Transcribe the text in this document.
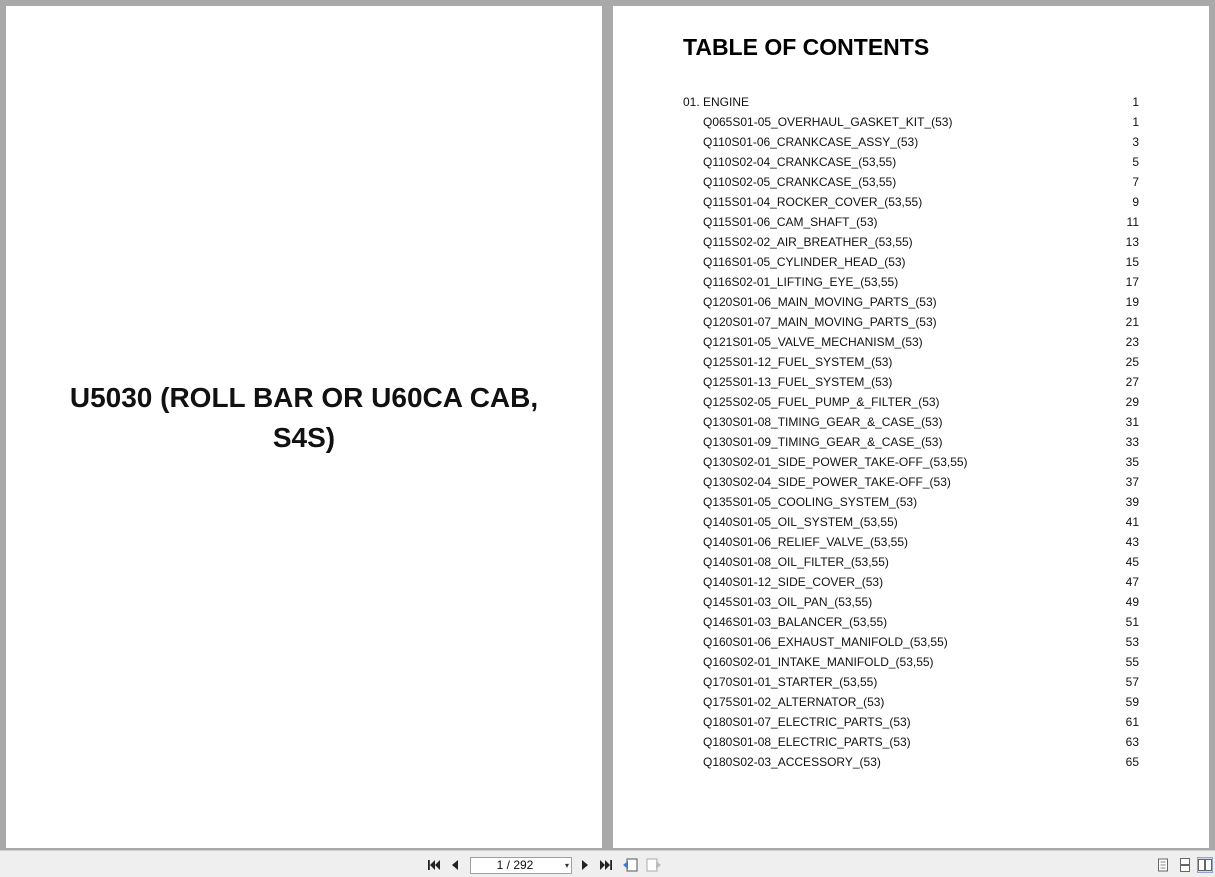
U5030 (ROLL BAR OR U60CA CAB,
S4S)
TABLE OF CONTENTS
01. ENGINE	1
Q065S01-05_OVERHAUL_GASKET_KIT_(53)	1
Q110S01-06_CRANKCASE_ASSY_(53)	3
Q110S02-04_CRANKCASE_(53,55)	5
Q110S02-05_CRANKCASE_(53,55)	7
Q115S01-04_ROCKER_COVER_(53,55)	9
Q115S01-06_CAM_SHAFT_(53)	11
Q115S02-02_AIR_BREATHER_(53,55)	13
Q116S01-05_CYLINDER_HEAD_(53)	15
Q116S02-01_LIFTING_EYE_(53,55)	17
Q120S01-06_MAIN_MOVING_PARTS_(53)	19
Q120S01-07_MAIN_MOVING_PARTS_(53)	21
Q121S01-05_VALVE_MECHANISM_(53)	23
Q125S01-12_FUEL_SYSTEM_(53)	25
Q125S01-13_FUEL_SYSTEM_(53)	27
Q125S02-05_FUEL_PUMP_&_FILTER_(53)	29
Q130S01-08_TIMING_GEAR_&_CASE_(53)	31
Q130S01-09_TIMING_GEAR_&_CASE_(53)	33
Q130S02-01_SIDE_POWER_TAKE-OFF_(53,55)	35
Q130S02-04_SIDE_POWER_TAKE-OFF_(53)	37
Q135S01-05_COOLING_SYSTEM_(53)	39
Q140S01-05_OIL_SYSTEM_(53,55)	41
Q140S01-06_RELIEF_VALVE_(53,55)	43
Q140S01-08_OIL_FILTER_(53,55)	45
Q140S01-12_SIDE_COVER_(53)	47
Q145S01-03_OIL_PAN_(53,55)	49
Q146S01-03_BALANCER_(53,55)	51
Q160S01-06_EXHAUST_MANIFOLD_(53,55)	53
Q160S02-01_INTAKE_MANIFOLD_(53,55)	55
Q170S01-01_STARTER_(53,55)	57
Q175S01-02_ALTERNATOR_(53)	59
Q180S01-07_ELECTRIC_PARTS_(53)	61
Q180S01-08_ELECTRIC_PARTS_(53)	63
Q180S02-03_ACCESSORY_(53)	65
1 / 292	▾
